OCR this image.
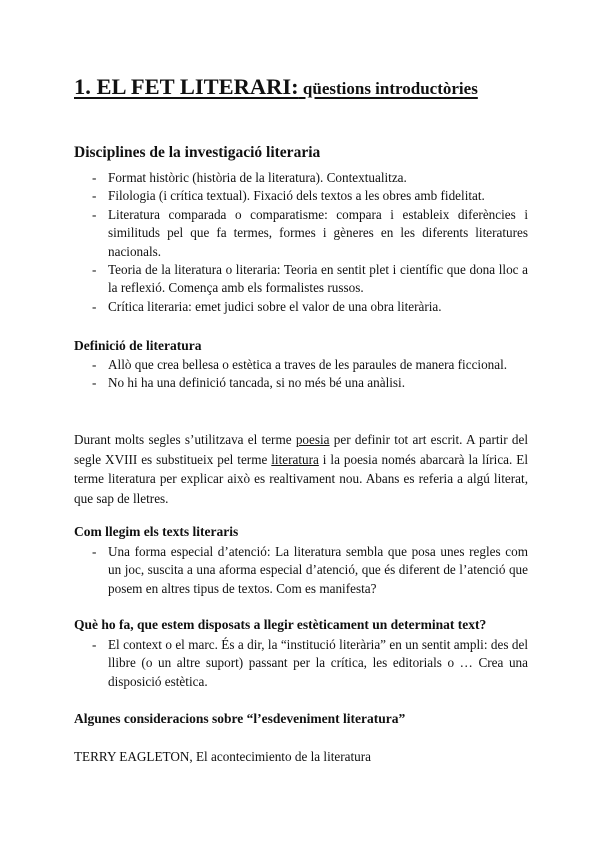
1. EL FET LITERARI: qüestions introductòries
Disciplines de la investigació literaria
- Format històric (història de la literatura). Contextualitza.
- Filologia (i crítica textual). Fixació dels textos a les obres amb fidelitat.
- Literatura comparada o comparatisme: compara i estableix diferències i similituds pel que fa termes, formes i gèneres en les diferents literatures nacionals.
- Teoria de la literatura o literaria: Teoria en sentit plet i científic que dona lloc a la reflexió. Comença amb els formalistes russos.
- Crítica literaria: emet judici sobre el valor de una obra literària.
Definició de literatura
- Allò que crea bellesa o estètica a traves de les paraules de manera ficcional.
- No hi ha una definició tancada, si no més bé una anàlisi.

Durant molts segles s’utilitzava el terme poesia per definir tot art escrit. A partir del segle XVIII es substitueix pel terme literatura i la poesia només abarcarà la lírica. El terme literatura per explicar això es realtivament nou. Abans es referia a algú literat, que sap de lletres.

Com llegim els texts literaris
- Una forma especial d’atenció: La literatura sembla que posa unes regles com un joc, suscita a una aforma especial d’atenció, que és diferent de l’atenció que posem en altres tipus de textos. Com es manifesta?
Què ho fa, que estem disposats a llegir estèticament un determinat text?
- El context o el marc. És a dir, la “institució literària” en un sentit ampli: des del llibre (o un altre suport) passant per la crítica, les editorials o … Crea una disposició estètica.
Algunes consideracions sobre “l’esdeveniment literatura”

TERRY EAGLETON, El acontecimiento de la literatura
